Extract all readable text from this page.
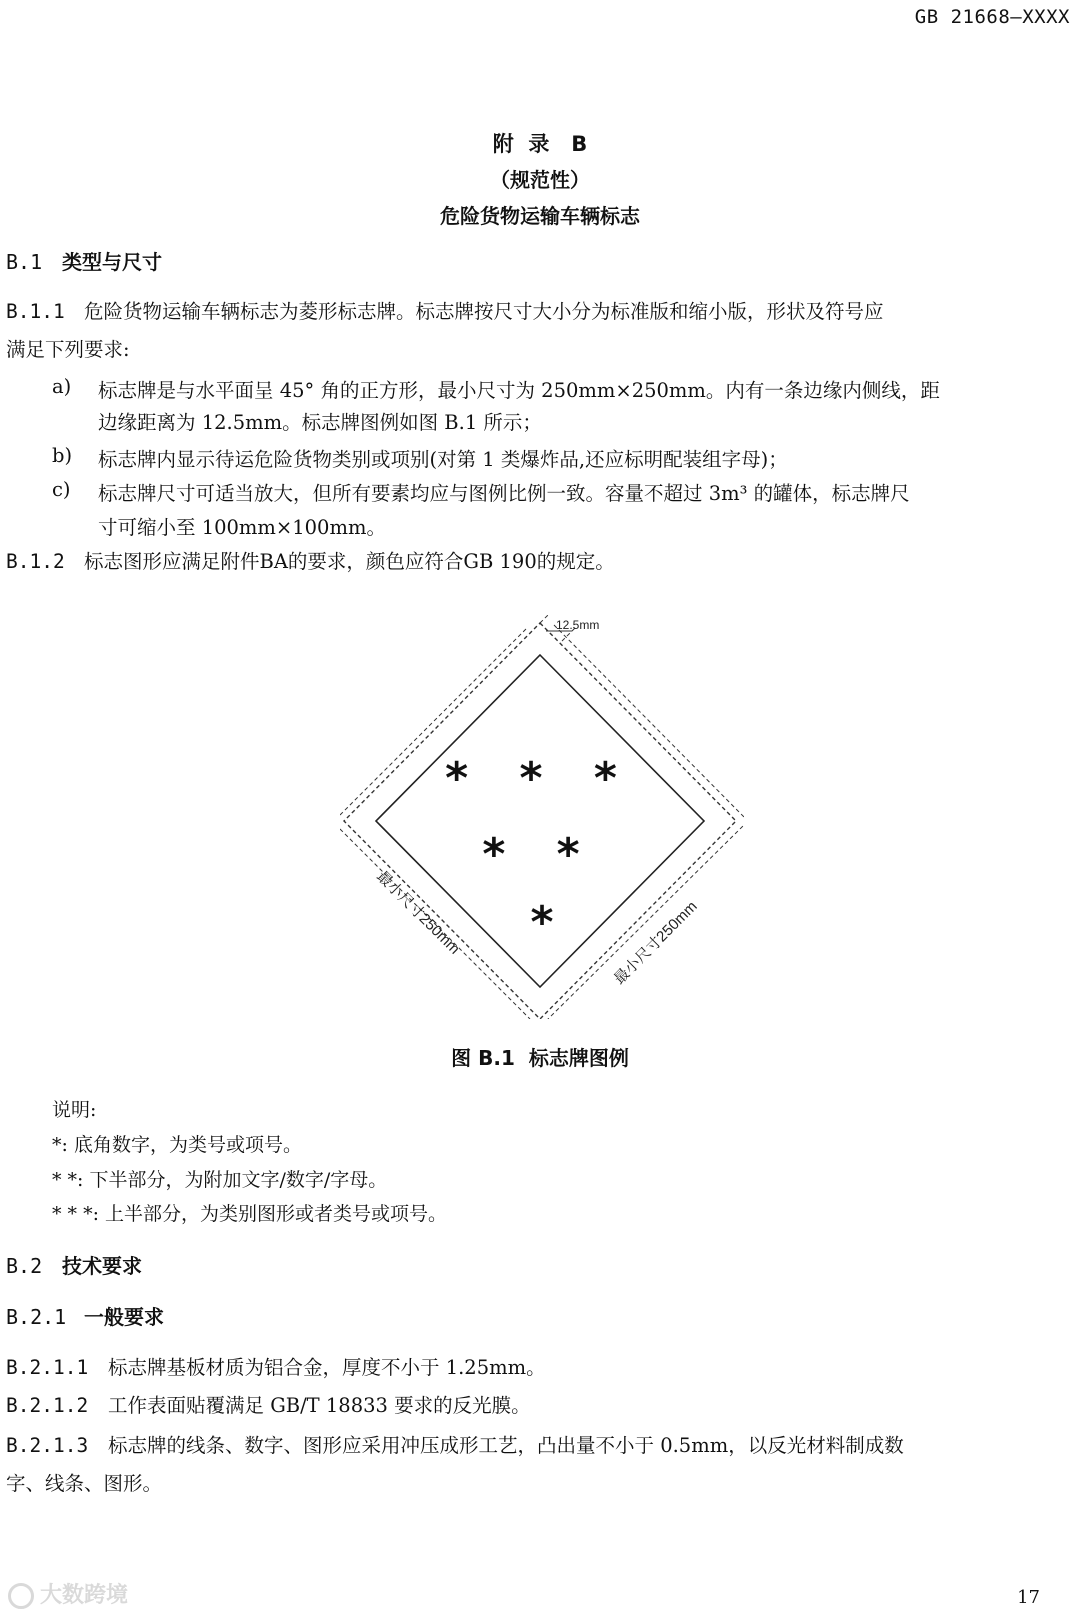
GB 21668—XXXX
附  录   B
（规范性）
危险货物运输车辆标志
B.1 类型与尺寸
B.1.1 危险货物运输车辆标志为菱形标志牌。标志牌按尺寸大小分为标准版和缩小版，形状及符号应
满足下列要求:
a) 标志牌是与水平面呈 45° 角的正方形，最小尺寸为 250mm×250mm。内有一条边缘内侧线，距
边缘距离为 12.5mm。标志牌图例如图 B.1 所示；
b) 标志牌内显示待运危险货物类别或项别(对第 1 类爆炸品,还应标明配装组字母)；
c) 标志牌尺寸可适当放大，但所有要素均应与图例比例一致。容量不超过 3m³ 的罐体，标志牌尺
寸可缩小至 100mm×100mm。
B.1.2 标志图形应满足附件BA的要求，颜色应符合GB 190的规定。
12.5mm
* * *
* *
*
最小尺寸250mm	最小尺寸250mm
图 B.1  标志牌图例
说明:
*: 底角数字，为类号或项号。
* *: 下半部分，为附加文字/数字/字母。
* * *: 上半部分，为类别图形或者类号或项号。
B.2 技术要求
B.2.1 一般要求
B.2.1.1 标志牌基板材质为铝合金，厚度不小于 1.25mm。
B.2.1.2 工作表面贴覆满足 GB/T 18833 要求的反光膜。
B.2.1.3 标志牌的线条、数字、图形应采用冲压成形工艺，凸出量不小于 0.5mm，以反光材料制成数
字、线条、图形。
大数跨境	17
